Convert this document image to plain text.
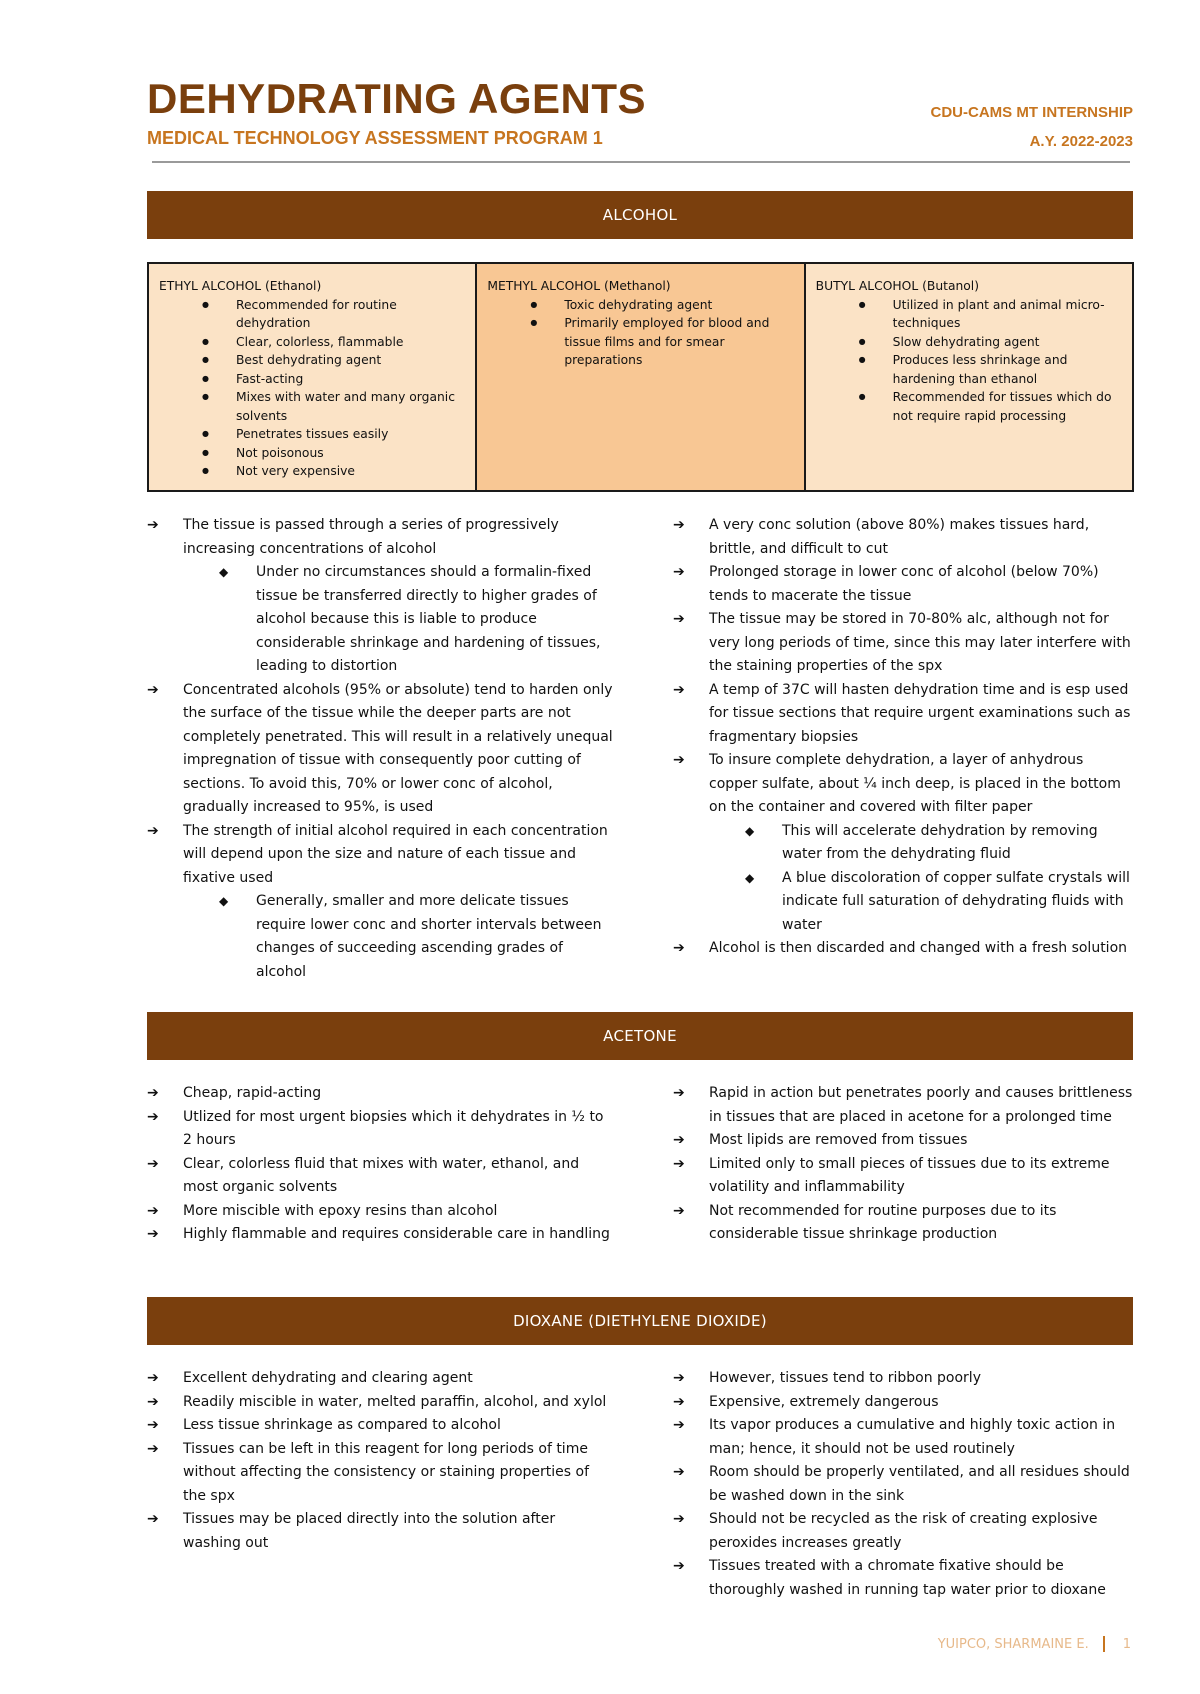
DEHYDRATING AGENTS
MEDICAL TECHNOLOGY ASSESSMENT PROGRAM 1
CDU-CAMS MT INTERNSHIP
A.Y. 2022-2023
ALCOHOL
ETHYL ALCOHOL (Ethanol)
● Recommended for routine dehydration
● Clear, colorless, flammable
● Best dehydrating agent
● Fast-acting
● Mixes with water and many organic solvents
● Penetrates tissues easily
● Not poisonous
● Not very expensive
METHYL ALCOHOL (Methanol)
● Toxic dehydrating agent
● Primarily employed for blood and tissue films and for smear preparations
BUTYL ALCOHOL (Butanol)
● Utilized in plant and animal micro-techniques
● Slow dehydrating agent
● Produces less shrinkage and hardening than ethanol
● Recommended for tissues which do not require rapid processing
➔ The tissue is passed through a series of progressively increasing concentrations of alcohol
◆ Under no circumstances should a formalin-fixed tissue be transferred directly to higher grades of alcohol because this is liable to produce considerable shrinkage and hardening of tissues, leading to distortion
➔ Concentrated alcohols (95% or absolute) tend to harden only the surface of the tissue while the deeper parts are not completely penetrated. This will result in a relatively unequal impregnation of tissue with consequently poor cutting of sections. To avoid this, 70% or lower conc of alcohol, gradually increased to 95%, is used
➔ The strength of initial alcohol required in each concentration will depend upon the size and nature of each tissue and fixative used
◆ Generally, smaller and more delicate tissues require lower conc and shorter intervals between changes of succeeding ascending grades of alcohol
➔ A very conc solution (above 80%) makes tissues hard, brittle, and difficult to cut
➔ Prolonged storage in lower conc of alcohol (below 70%) tends to macerate the tissue
➔ The tissue may be stored in 70-80% alc, although not for very long periods of time, since this may later interfere with the staining properties of the spx
➔ A temp of 37C will hasten dehydration time and is esp used for tissue sections that require urgent examinations such as fragmentary biopsies
➔ To insure complete dehydration, a layer of anhydrous copper sulfate, about ¼ inch deep, is placed in the bottom on the container and covered with filter paper
◆ This will accelerate dehydration by removing water from the dehydrating fluid
◆ A blue discoloration of copper sulfate crystals will indicate full saturation of dehydrating fluids with water
➔ Alcohol is then discarded and changed with a fresh solution
ACETONE
➔ Cheap, rapid-acting
➔ Utlized for most urgent biopsies which it dehydrates in ½ to 2 hours
➔ Clear, colorless fluid that mixes with water, ethanol, and most organic solvents
➔ More miscible with epoxy resins than alcohol
➔ Highly flammable and requires considerable care in handling
➔ Rapid in action but penetrates poorly and causes brittleness in tissues that are placed in acetone for a prolonged time
➔ Most lipids are removed from tissues
➔ Limited only to small pieces of tissues due to its extreme volatility and inflammability
➔ Not recommended for routine purposes due to its considerable tissue shrinkage production
DIOXANE (DIETHYLENE DIOXIDE)
➔ Excellent dehydrating and clearing agent
➔ Readily miscible in water, melted paraffin, alcohol, and xylol
➔ Less tissue shrinkage as compared to alcohol
➔ Tissues can be left in this reagent for long periods of time without affecting the consistency or staining properties of the spx
➔ Tissues may be placed directly into the solution after washing out
➔ However, tissues tend to ribbon poorly
➔ Expensive, extremely dangerous
➔ Its vapor produces a cumulative and highly toxic action in man; hence, it should not be used routinely
➔ Room should be properly ventilated, and all residues should be washed down in the sink
➔ Should not be recycled as the risk of creating explosive peroxides increases greatly
➔ Tissues treated with a chromate fixative should be thoroughly washed in running tap water prior to dioxane
YUIPCO, SHARMAINE E.	1
